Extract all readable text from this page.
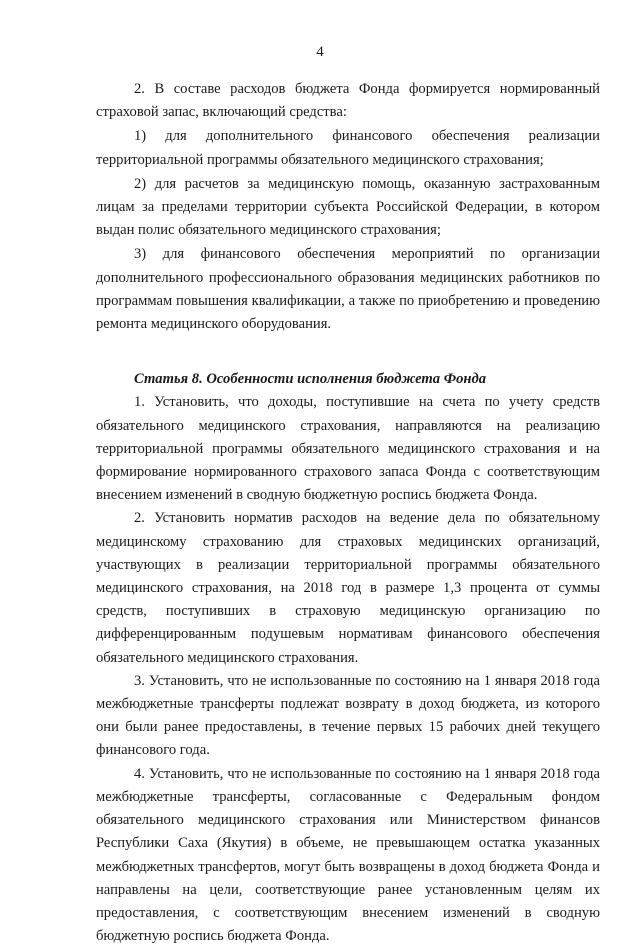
4

2. В составе расходов бюджета Фонда формируется нормированный страховой запас, включающий средства:

1) для дополнительного финансового обеспечения реализации территориальной программы обязательного медицинского страхования;

2) для расчетов за медицинскую помощь, оказанную застрахованным лицам за пределами территории субъекта Российской Федерации, в котором выдан полис обязательного медицинского страхования;

3) для финансового обеспечения мероприятий по организации дополнительного профессионального образования медицинских работников по программам повышения квалификации, а также по приобретению и проведению ремонта медицинского оборудования.

Статья 8. Особенности исполнения бюджета Фонда

1. Установить, что доходы, поступившие на счета по учету средств обязательного медицинского страхования, направляются на реализацию территориальной программы обязательного медицинского страхования и на формирование нормированного страхового запаса Фонда с соответствующим внесением изменений в сводную бюджетную роспись бюджета Фонда.

2. Установить норматив расходов на ведение дела по обязательному медицинскому страхованию для страховых медицинских организаций, участвующих в реализации территориальной программы обязательного медицинского страхования, на 2018 год в размере 1,3 процента от суммы средств, поступивших в страховую медицинскую организацию по дифференцированным подушевым нормативам финансового обеспечения обязательного медицинского страхования.

3. Установить, что не использованные по состоянию на 1 января 2018 года межбюджетные трансферты подлежат возврату в доход бюджета, из которого они были ранее предоставлены, в течение первых 15 рабочих дней текущего финансового года.

4. Установить, что не использованные по состоянию на 1 января 2018 года межбюджетные трансферты, согласованные с Федеральным фондом обязательного медицинского страхования или Министерством финансов Республики Саха (Якутия) в объеме, не превышающем остатка указанных межбюджетных трансфертов, могут быть возвращены в доход бюджета Фонда и направлены на цели, соответствующие ранее установленным целям их предоставления, с соответствующим внесением изменений в сводную бюджетную роспись бюджета Фонда.
